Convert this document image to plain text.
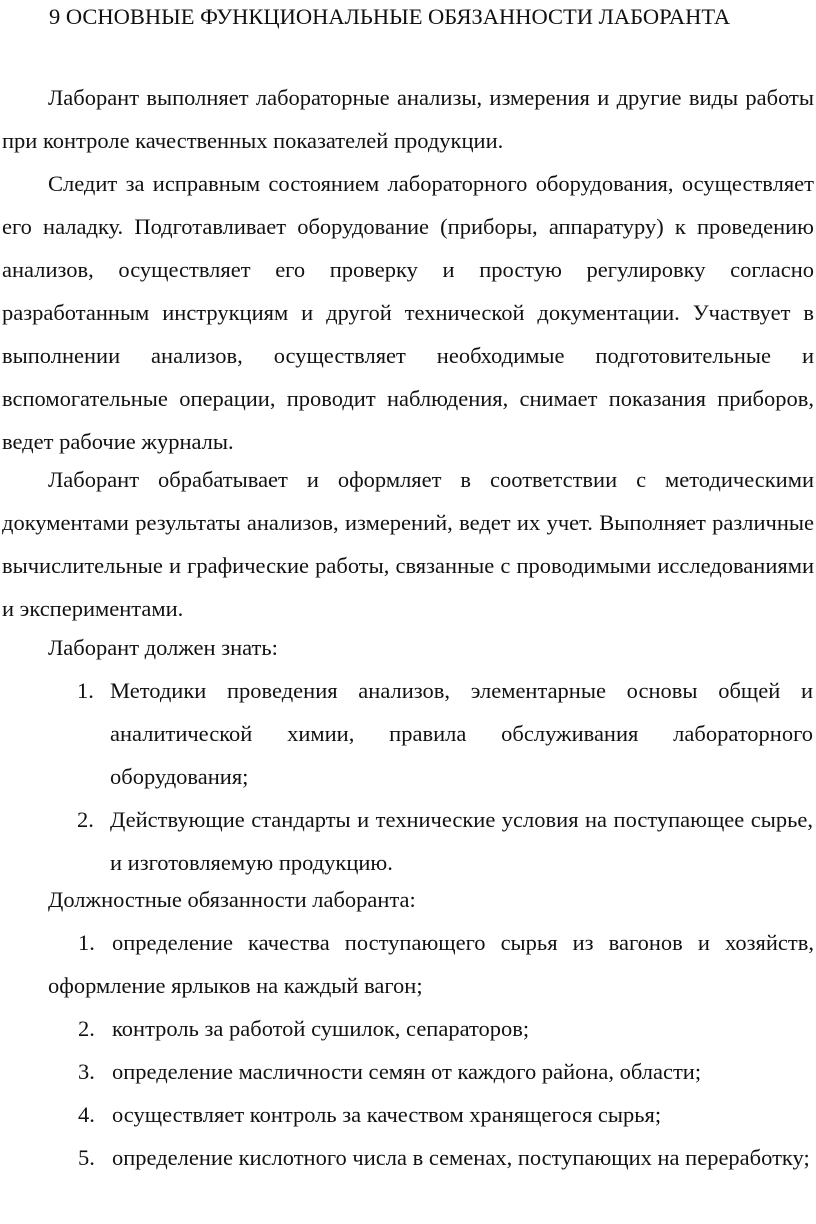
9 ОСНОВНЫЕ ФУНКЦИОНАЛЬНЫЕ ОБЯЗАННОСТИ ЛАБОРАНТА

Лаборант выполняет лабораторные анализы, измерения и другие виды работы при контроле качественных показателей продукции.

Следит за исправным состоянием лабораторного оборудования, осуществляет его наладку. Подготавливает оборудование (приборы, аппаратуру) к проведению анализов, осуществляет его проверку и простую регулировку согласно разработанным инструкциям и другой технической документации. Участвует в выполнении анализов, осуществляет необходимые подготовительные и вспомогательные операции, проводит наблюдения, снимает показания приборов, ведет рабочие журналы.

Лаборант обрабатывает и оформляет в соответствии с методическими документами результаты анализов, измерений, ведет их учет. Выполняет различные вычислительные и графические работы, связанные с проводимыми исследованиями и экспериментами.

Лаборант должен знать:

1. Методики проведения анализов, элементарные основы общей и аналитической химии, правила обслуживания лабораторного оборудования;
2. Действующие стандарты и технические условия на поступающее сырье, и изготовляемую продукцию.

Должностные обязанности лаборанта:

1. определение качества поступающего сырья из вагонов и хозяйств, оформление ярлыков на каждый вагон;
2. контроль за работой сушилок, сепараторов;
3. определение масличности семян от каждого района, области;
4. осуществляет контроль за качеством хранящегося сырья;
5. определение кислотного числа в семенах, поступающих на переработку;
